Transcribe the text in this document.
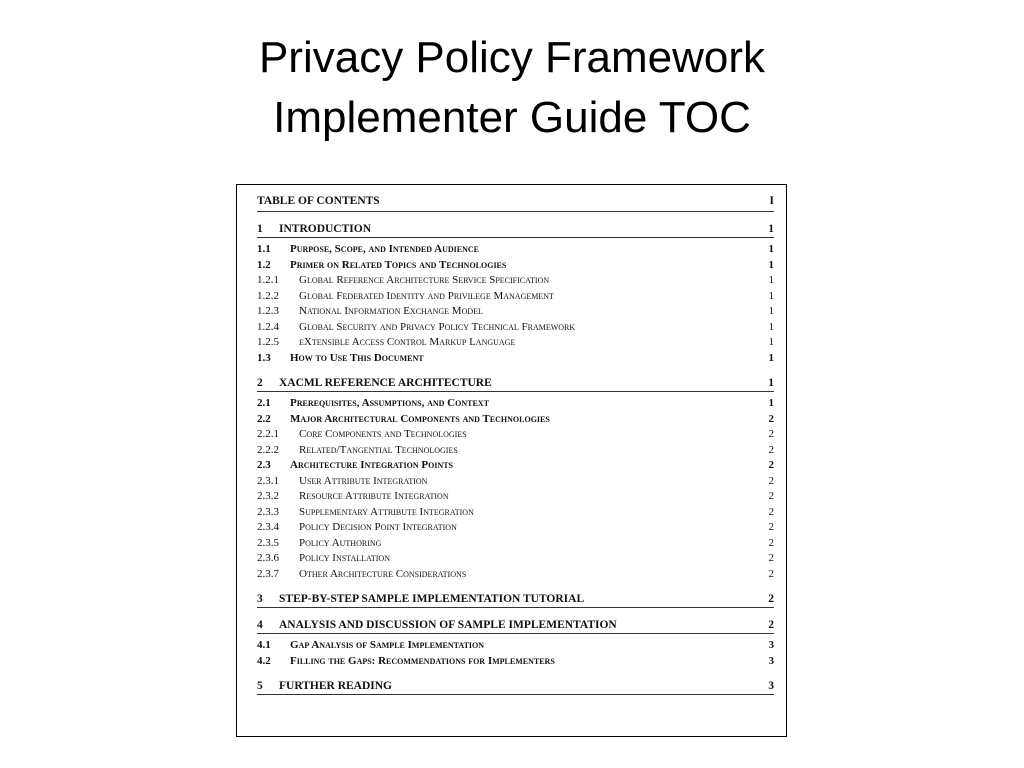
Privacy Policy Framework
Implementer Guide TOC
TABLE OF CONTENTS	I
1	INTRODUCTION	1
1.1	Purpose, Scope, and Intended Audience	1
1.2	Primer on Related Topics and Technologies	1
1.2.1	Global Reference Architecture Service Specification	1
1.2.2	Global Federated Identity and Privilege Management	1
1.2.3	National Information Exchange Model	1
1.2.4	Global Security and Privacy Policy Technical Framework	1
1.2.5	eXtensible Access Control Markup Language	1
1.3	How to Use This Document	1
2	XACML REFERENCE ARCHITECTURE	1
2.1	Prerequisites, Assumptions, and Context	1
2.2	Major Architectural Components and Technologies	2
2.2.1	Core Components and Technologies	2
2.2.2	Related/Tangential Technologies	2
2.3	Architecture Integration Points	2
2.3.1	User Attribute Integration	2
2.3.2	Resource Attribute Integration	2
2.3.3	Supplementary Attribute Integration	2
2.3.4	Policy Decision Point Integration	2
2.3.5	Policy Authoring	2
2.3.6	Policy Installation	2
2.3.7	Other Architecture Considerations	2
3	STEP-BY-STEP SAMPLE IMPLEMENTATION TUTORIAL	2
4	ANALYSIS AND DISCUSSION OF SAMPLE IMPLEMENTATION	2
4.1	Gap Analysis of Sample Implementation	3
4.2	Filling the Gaps: Recommendations for Implementers	3
5	FURTHER READING	3
